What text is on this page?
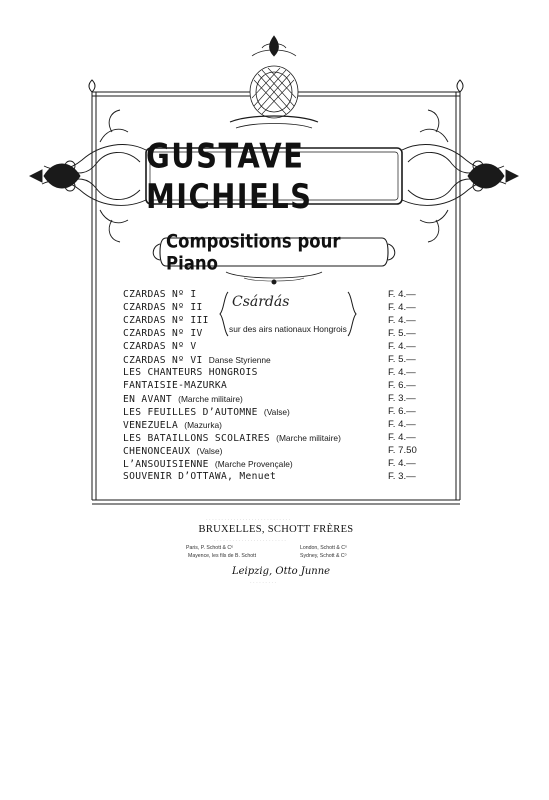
GUSTAVE MICHIELS
Compositions pour Piano
Csárdás
sur des airs nationaux Hongrois
CZARDAS Nº I	F. 4.—
CZARDAS Nº II	F. 4.—
CZARDAS Nº III	F. 4.—
CZARDAS Nº IV	F. 5.—
CZARDAS Nº V	F. 4.—
CZARDAS Nº VI Danse Styrienne	F. 5.—
LES CHANTEURS HONGROIS	F. 4.—
FANTAISIE-MAZURKA	F. 6.—
EN AVANT (Marche militaire)	F. 3.—
LES FEUILLES D’AUTOMNE (Valse)	F. 6.—
VENEZUELA (Mazurka)	F. 4.—
LES BATAILLONS SCOLAIRES (Marche militaire)	F. 4.—
CHENONCEAUX (Valse)	F. 7.50
L’ANSOUISIENNE (Marche Provençale)	F. 4.—
SOUVENIR D’OTTAWA, Menuet	F. 3.—
· · · · · · · · · · · · · · · · · · · · · · · · · · · ·
BRUXELLES, SCHOTT FRÈRES
· · · · · · · · · · · · · · · · · · · · · · · ·
Paris, P. Schott & Cᵉ	London, Schott & Cᵒ
Mayence, les fils de B. Schott	Sydney, Schott & Cᵒ
Leipzig, Otto Junne
· · · · · · · · ·
